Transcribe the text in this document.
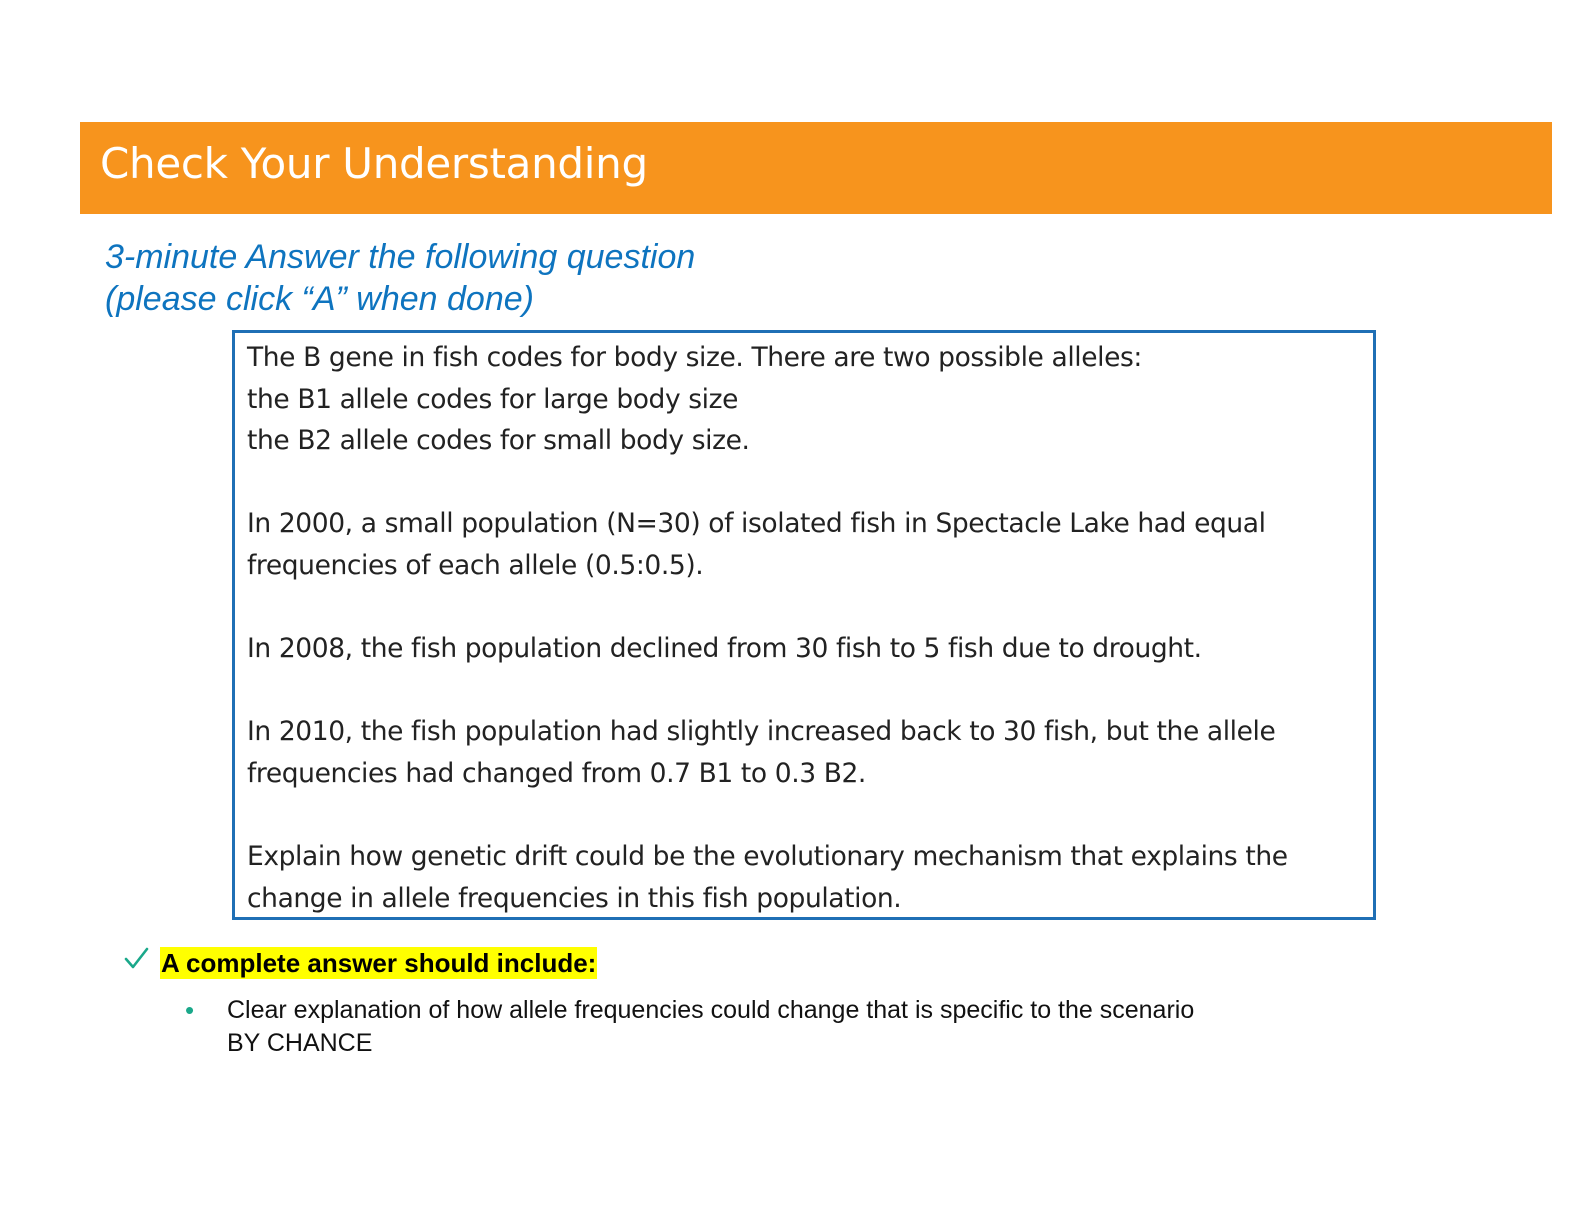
Check Your Understanding
3-minute Answer the following question
(please click “A” when done)
The B gene in fish codes for body size. There are two possible alleles:
the B1 allele codes for large body size
the B2 allele codes for small body size.
In 2000, a small population (N=30) of isolated fish in Spectacle Lake had equal
frequencies of each allele (0.5:0.5).
In 2008, the fish population declined from 30 fish to 5 fish due to drought.
In 2010, the fish population had slightly increased back to 30 fish, but the allele
frequencies had changed from 0.7 B1 to 0.3 B2.
Explain how genetic drift could be the evolutionary mechanism that explains the
change in allele frequencies in this fish population.
A complete answer should include:
• Clear explanation of how allele frequencies could change that is specific to the scenario
BY CHANCE
